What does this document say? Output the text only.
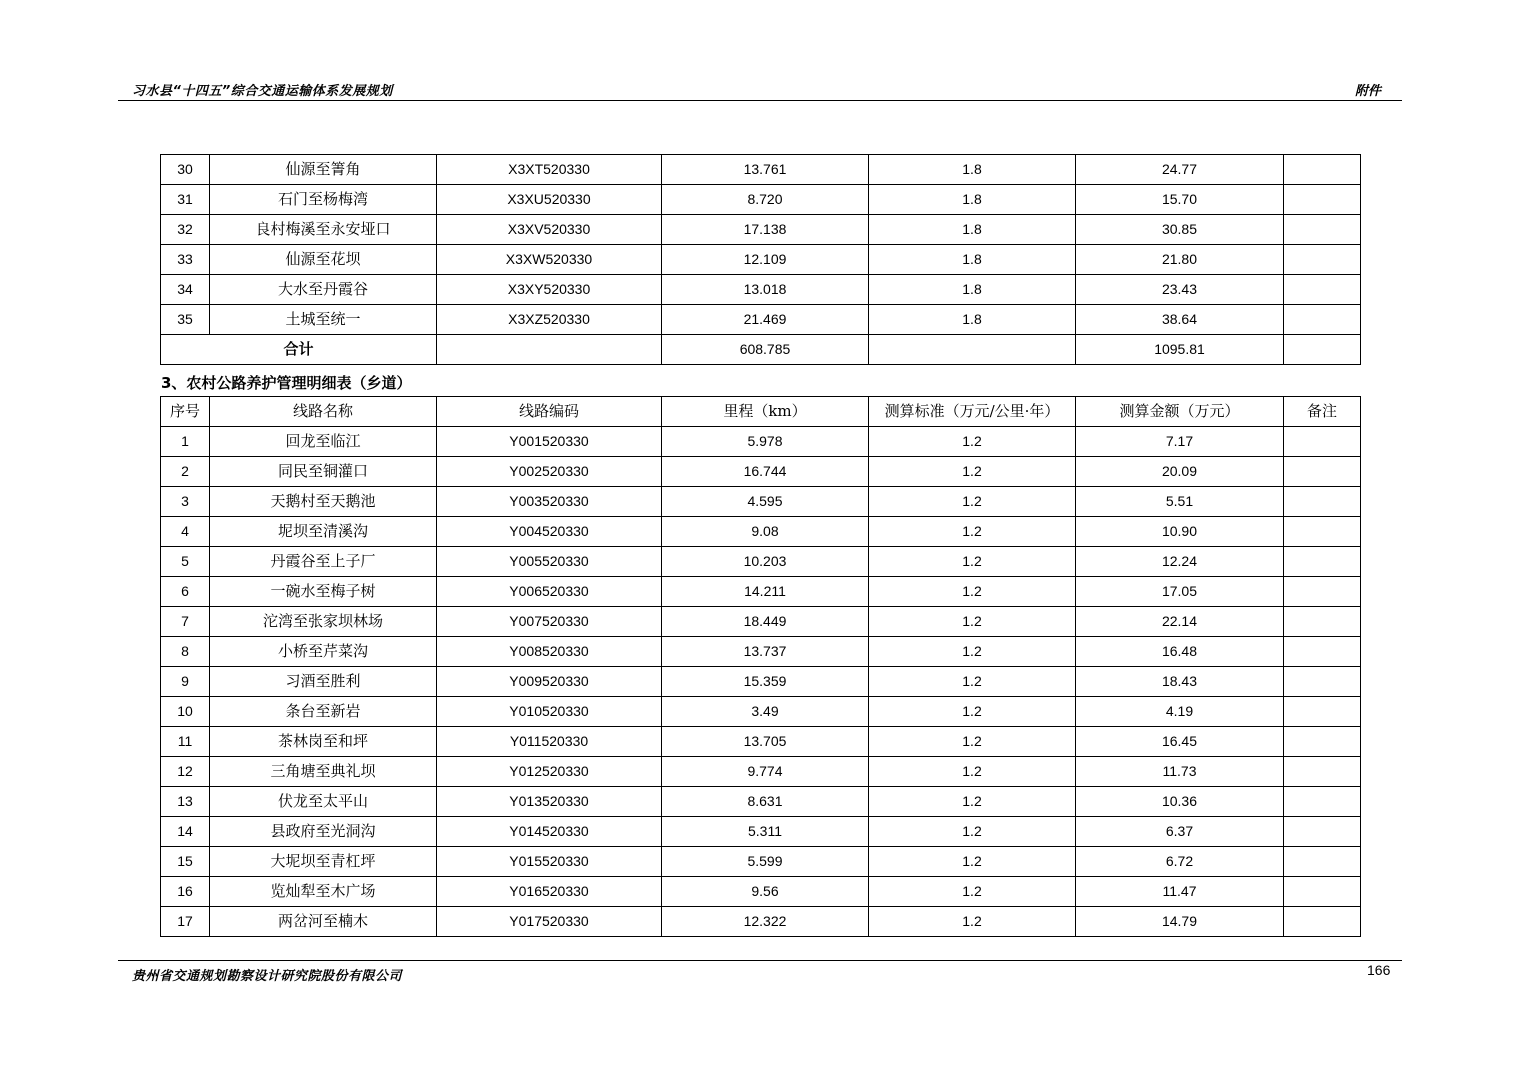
习水县“十四五”综合交通运输体系发展规划	附件
30	仙源至箐角	X3XT520330	13.761	1.8	24.77	
31	石门至杨梅湾	X3XU520330	8.720	1.8	15.70	
32	良村梅溪至永安垭口	X3XV520330	17.138	1.8	30.85	
33	仙源至花坝	X3XW520330	12.109	1.8	21.80	
34	大水至丹霞谷	X3XY520330	13.018	1.8	23.43	
35	土城至统一	X3XZ520330	21.469	1.8	38.64	
合计			608.785		1095.81	
3、农村公路养护管理明细表（乡道）
序号	线路名称	线路编码	里程（km）	测算标准（万元/公里·年）	测算金额（万元）	备注
1	回龙至临江	Y001520330	5.978	1.2	7.17	
2	同民至铜灌口	Y002520330	16.744	1.2	20.09	
3	天鹅村至天鹅池	Y003520330	4.595	1.2	5.51	
4	坭坝至清溪沟	Y004520330	9.08	1.2	10.90	
5	丹霞谷至上子厂	Y005520330	10.203	1.2	12.24	
6	一碗水至梅子树	Y006520330	14.211	1.2	17.05	
7	沱湾至张家坝林场	Y007520330	18.449	1.2	22.14	
8	小桥至芹菜沟	Y008520330	13.737	1.2	16.48	
9	习酒至胜利	Y009520330	15.359	1.2	18.43	
10	条台至新岩	Y010520330	3.49	1.2	4.19	
11	茶林岗至和坪	Y011520330	13.705	1.2	16.45	
12	三角塘至典礼坝	Y012520330	9.774	1.2	11.73	
13	伏龙至太平山	Y013520330	8.631	1.2	10.36	
14	县政府至光洞沟	Y014520330	5.311	1.2	6.37	
15	大坭坝至青杠坪	Y015520330	5.599	1.2	6.72	
16	览灿犁至木广场	Y016520330	9.56	1.2	11.47	
17	两岔河至楠木	Y017520330	12.322	1.2	14.79	
贵州省交通规划勘察设计研究院股份有限公司	166
